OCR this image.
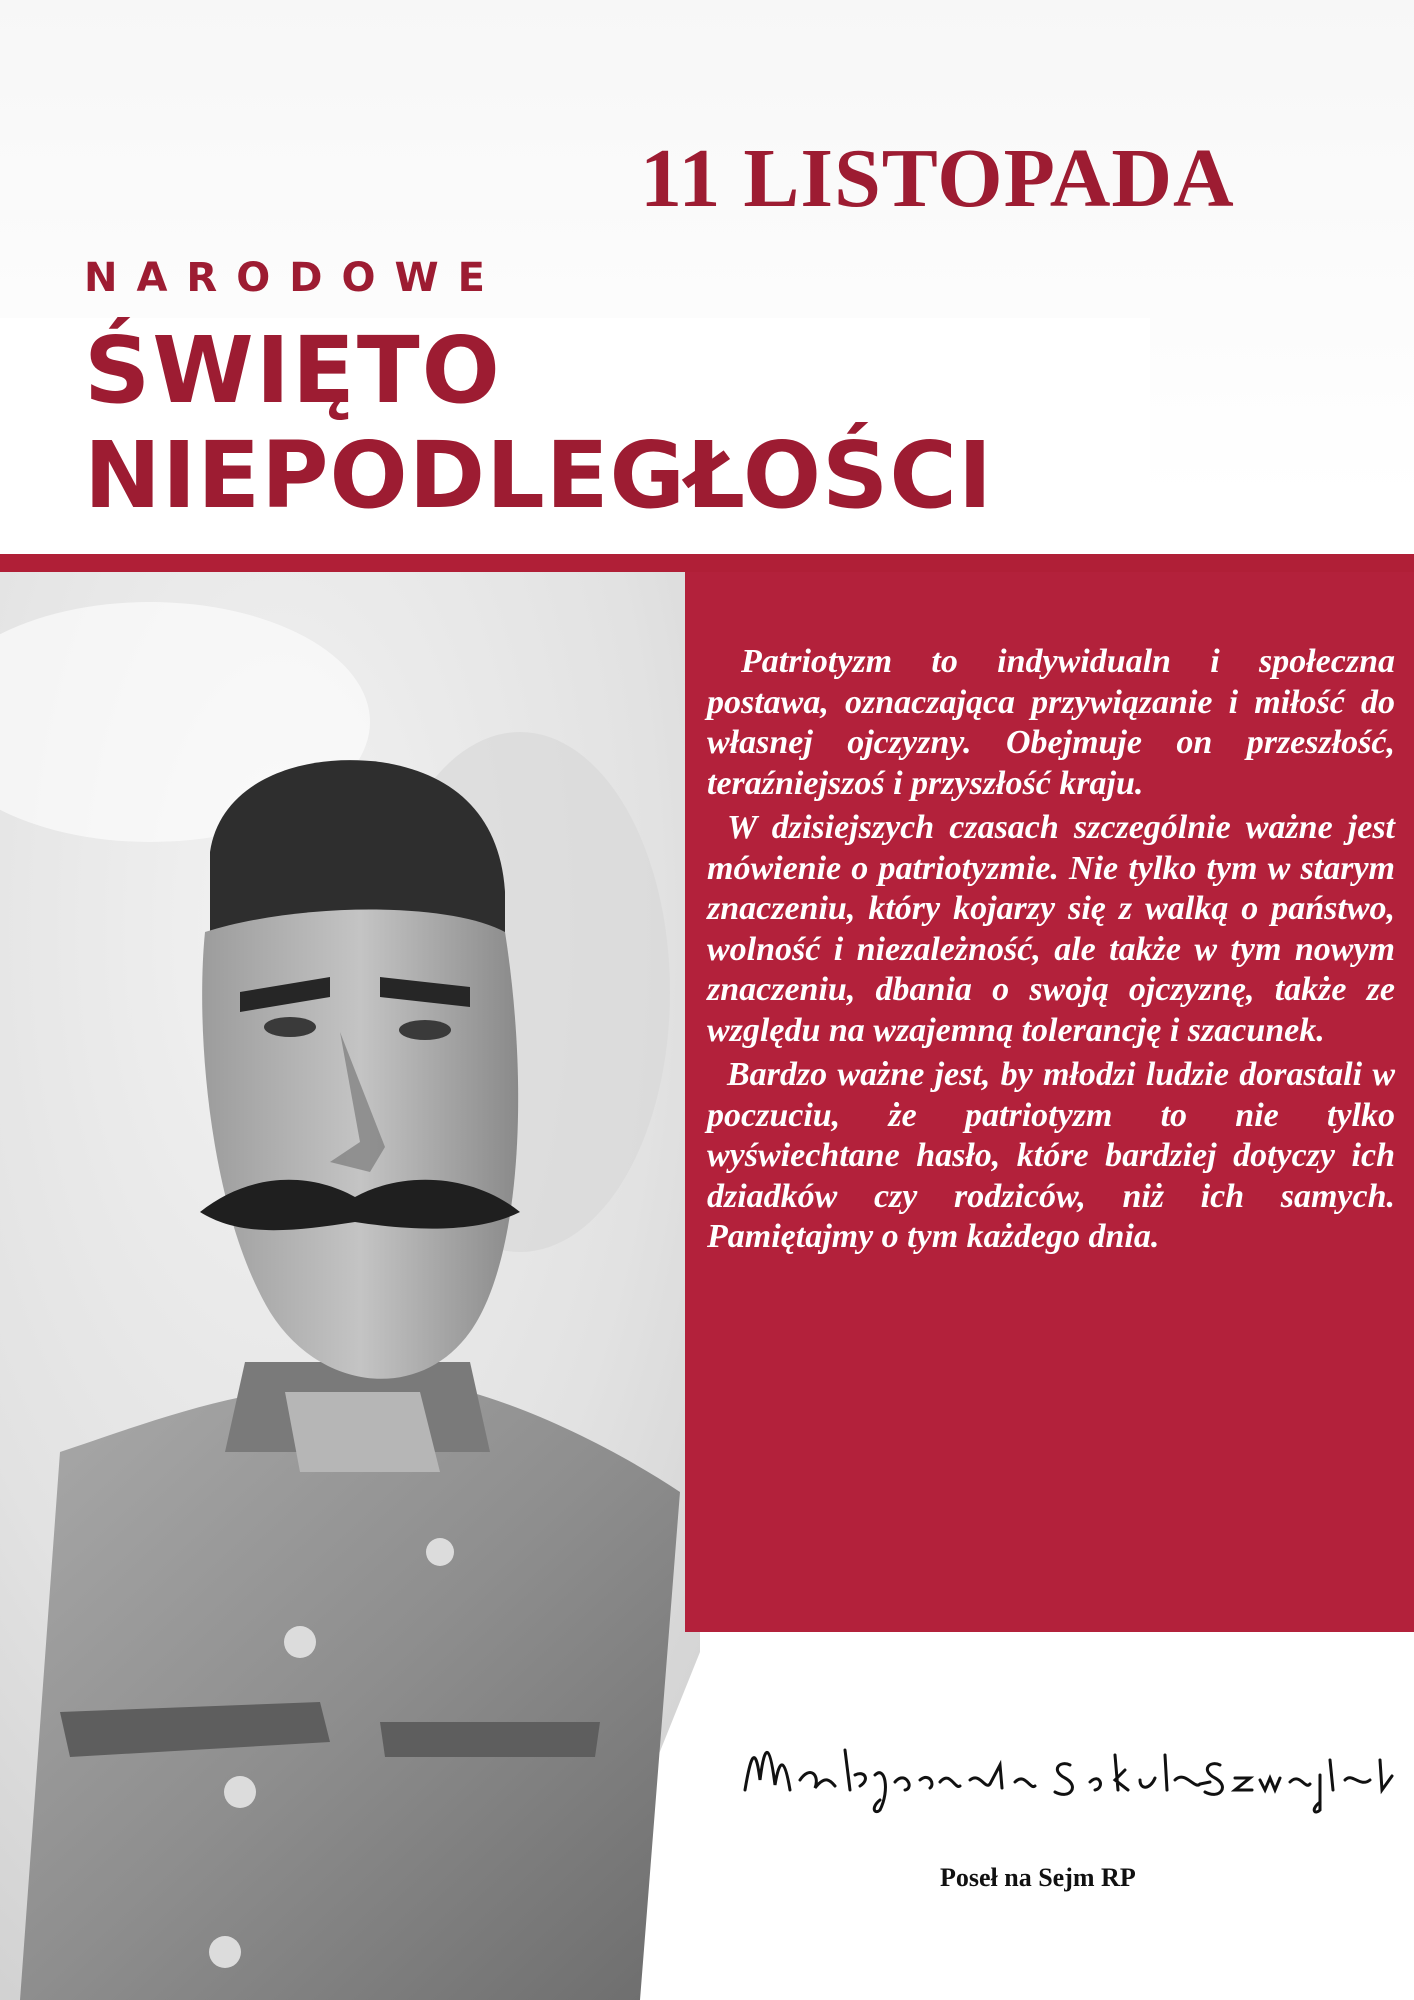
11 LISTOPADA
NARODOWE
ŚWIĘTO
NIEPODLEGŁOŚCI

Patriotyzm to indywidualn i społeczna postawa, oznaczająca przywiązanie i miłość do własnej ojczyzny. Obejmuje on przeszłość, teraźniejszoś i przyszłość kraju.

W dzisiejszych czasach szczególnie ważne jest mówienie o patriotyzmie. Nie tylko tym w starym znaczeniu, który kojarzy się z walką o państwo, wolność i niezależność, ale także w tym nowym znaczeniu, dbania o swoją ojczyznę, także ze względu na wzajemną tolerancję i szacunek.

Bardzo ważne jest, by młodzi ludzie dorastali w poczuciu, że patriotyzm to nie tylko wyświechtane hasło, które bardziej dotyczy ich dziadków czy rodziców, niż ich samych. Pamiętajmy o tym każdego dnia.

Poseł na Sejm RP
